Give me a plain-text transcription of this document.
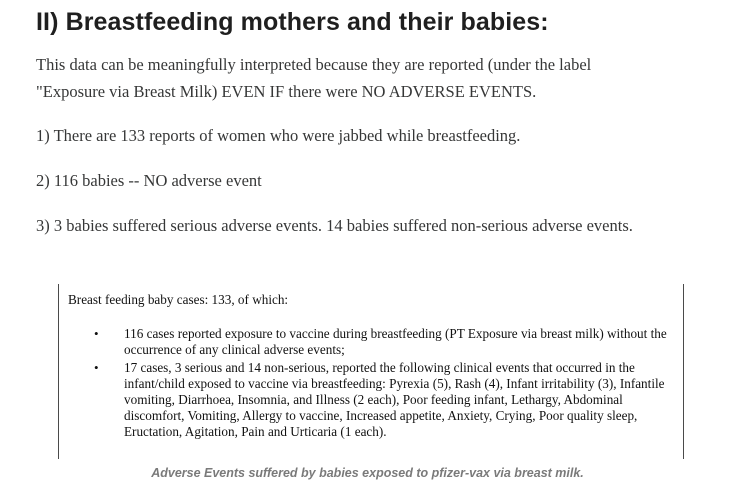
II) Breastfeeding mothers and their babies:
This data can be meaningfully interpreted because they are reported (under the label
"Exposure via Breast Milk) EVEN IF there were NO ADVERSE EVENTS.

1) There are 133 reports of women who were jabbed while breastfeeding.

2) 116 babies -- NO adverse event

3) 3 babies suffered serious adverse events. 14 babies suffered non-serious adverse events.

Breast feeding baby cases: 133, of which:

• 116 cases reported exposure to vaccine during breastfeeding (PT Exposure via breast milk) without the occurrence of any clinical adverse events;
• 17 cases, 3 serious and 14 non-serious, reported the following clinical events that occurred in the infant/child exposed to vaccine via breastfeeding: Pyrexia (5), Rash (4), Infant irritability (3), Infantile vomiting, Diarrhoea, Insomnia, and Illness (2 each), Poor feeding infant, Lethargy, Abdominal discomfort, Vomiting, Allergy to vaccine, Increased appetite, Anxiety, Crying, Poor quality sleep, Eructation, Agitation, Pain and Urticaria (1 each).

Adverse Events suffered by babies exposed to pfizer-vax via breast milk.
